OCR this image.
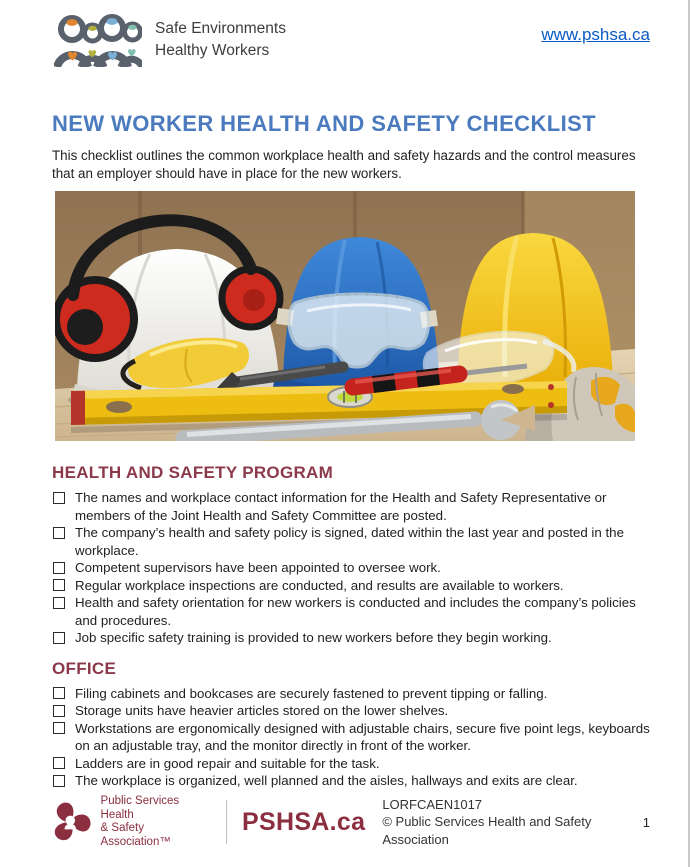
Safe Environments
Healthy Workers
www.pshsa.ca
NEW WORKER HEALTH AND SAFETY CHECKLIST

This checklist outlines the common workplace health and safety hazards and the control measures that an employer should have in place for the new workers.

HEALTH AND SAFETY PROGRAM
The names and workplace contact information for the Health and Safety Representative or members of the Joint Health and Safety Committee are posted.
The company’s health and safety policy is signed, dated within the last year and posted in the workplace.
Competent supervisors have been appointed to oversee work.
Regular workplace inspections are conducted, and results are available to workers.
Health and safety orientation for new workers is conducted and includes the company’s policies and procedures.
Job specific safety training is provided to new workers before they begin working.
OFFICE
Filing cabinets and bookcases are securely fastened to prevent tipping or falling.
Storage units have heavier articles stored on the lower shelves.
Workstations are ergonomically designed with adjustable chairs, secure five point legs, keyboards on an adjustable tray, and the monitor directly in front of the worker.
Ladders are in good repair and suitable for the task.
The workplace is organized, well planned and the aisles, hallways and exits are clear.
Public Services Health
& Safety Association™
PSHSA.ca
LORFCAEN1017
© Public Services Health and Safety Association
1
